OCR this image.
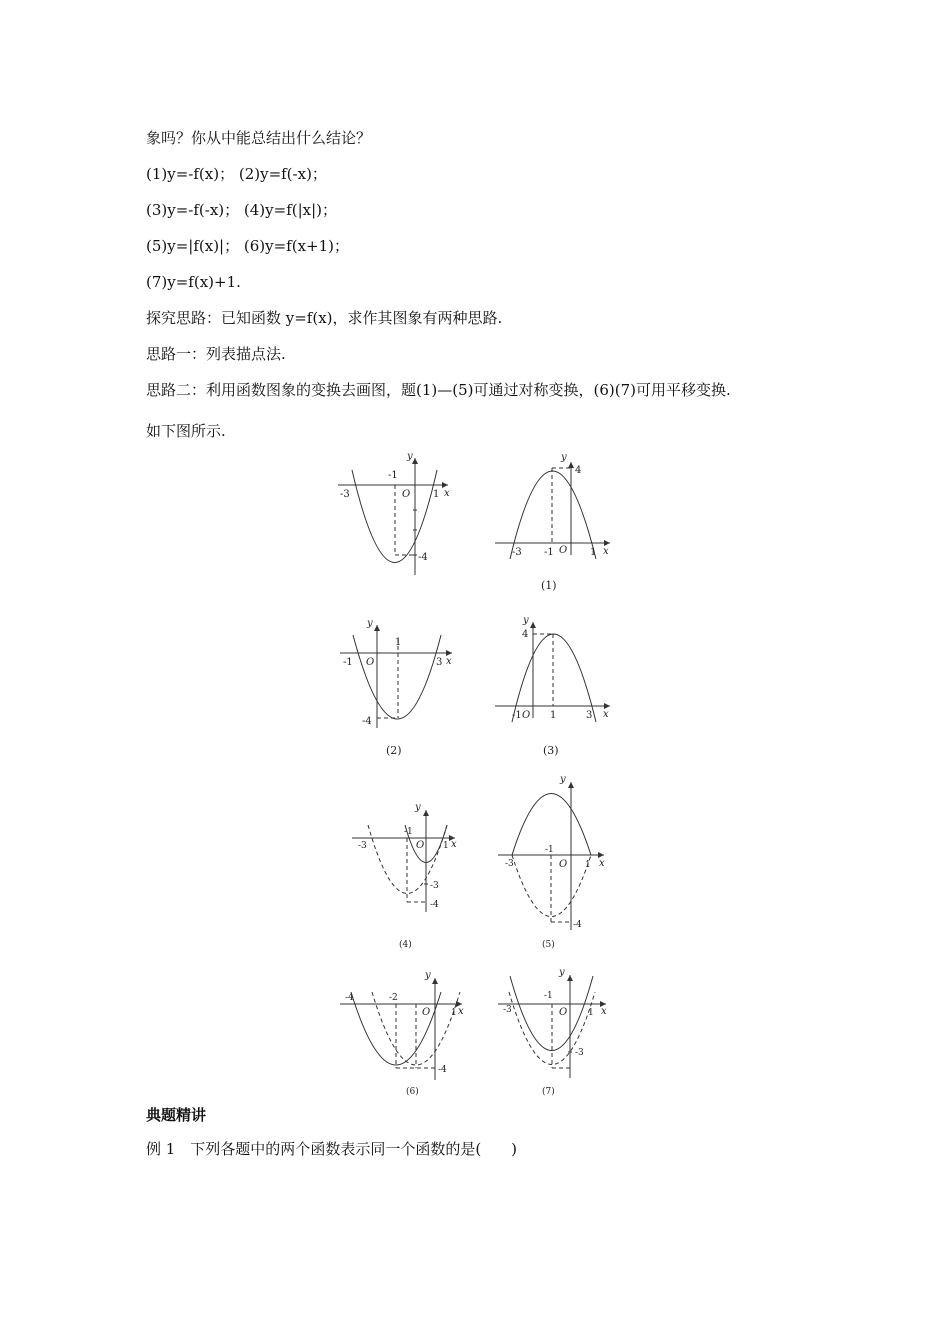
象吗？你从中能总结出什么结论？
(1)y=-f(x)； (2)y=f(-x)；
(3)y=-f(-x)； (4)y=f(|x|)；
(5)y=|f(x)|； (6)y=f(x+1)；
(7)y=f(x)+1.
探究思路：已知函数 y=f(x)，求作其图象有两种思路.
思路一：列表描点法.
思路二：利用函数图象的变换去画图，题(1)—(5)可通过对称变换，(6)(7)可用平移变换.
如下图所示.
y
x
-3
-1
O 1
-4
y
x
4
-3 -1 O 1
(1)
y
x
-1 O
1
3
-4
(2)
y
x
4
-1 O 1	3
(3)
y
x
-3
-1
O 1
-3
-4
(4)
y
x
-3
-1
O 1
-4
(5)
y
x
-4	-2
O 1
-4
(6)
y
x
-3
-1
O 1
-3
(7)
典题精讲
例 1　下列各题中的两个函数表示同一个函数的是(　　)
